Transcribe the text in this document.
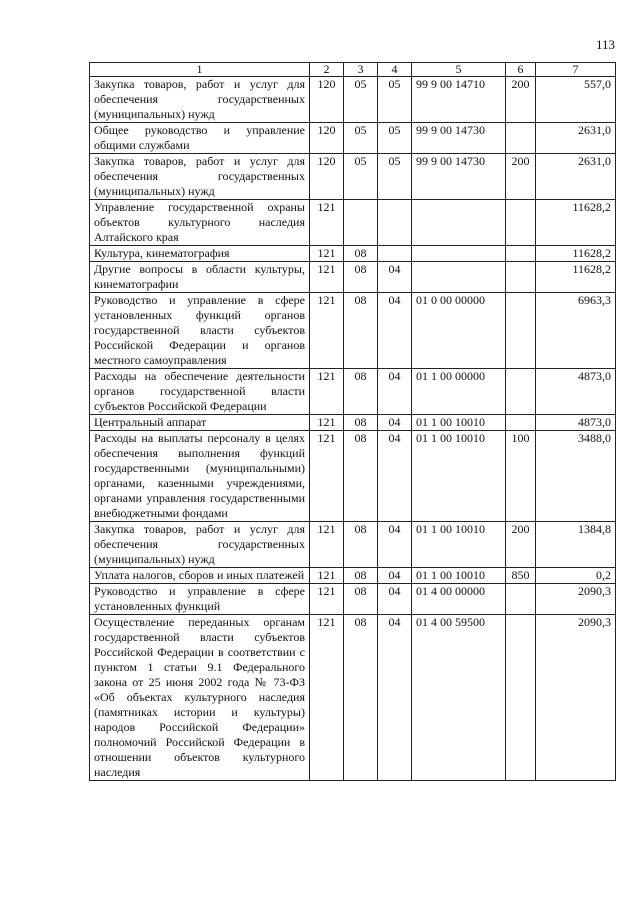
113
1	2	3	4	5	6	7
Закупка товаров, работ и услуг для обеспечения государственных (муниципальных) нужд	120	05	05	99 9 00 14710	200	557,0
Общее руководство и управление общими службами	120	05	05	99 9 00 14730		2631,0
Закупка товаров, работ и услуг для обеспечения государственных (муниципальных) нужд	120	05	05	99 9 00 14730	200	2631,0
Управление государственной охраны объектов культурного наследия Алтайского края	121					11628,2
Культура, кинематография	121	08				11628,2
Другие вопросы в области культуры, кинематографии	121	08	04			11628,2
Руководство и управление в сфере установленных функций органов государственной власти субъектов Российской Федерации и органов местного самоуправления	121	08	04	01 0 00 00000		6963,3
Расходы на обеспечение деятельности органов государственной власти субъектов Российской Федерации	121	08	04	01 1 00 00000		4873,0
Центральный аппарат	121	08	04	01 1 00 10010		4873,0
Расходы на выплаты персоналу в целях обеспечения выполнения функций государственными (муниципальными) органами, казенными учреждениями, органами управления государственными внебюджетными фондами	121	08	04	01 1 00 10010	100	3488,0
Закупка товаров, работ и услуг для обеспечения государственных (муниципальных) нужд	121	08	04	01 1 00 10010	200	1384,8
Уплата налогов, сборов и иных платежей	121	08	04	01 1 00 10010	850	0,2
Руководство и управление в сфере установленных функций	121	08	04	01 4 00 00000		2090,3
Осуществление переданных органам государственной власти субъектов Российской Федерации в соответствии с пунктом 1 статьи 9.1 Федерального закона от 25 июня 2002 года № 73-ФЗ «Об объектах культурного наследия (памятниках истории и культуры) народов Российской Федерации» полномочий Российской Федерации в отношении объектов культурного наследия	121	08	04	01 4 00 59500		2090,3
